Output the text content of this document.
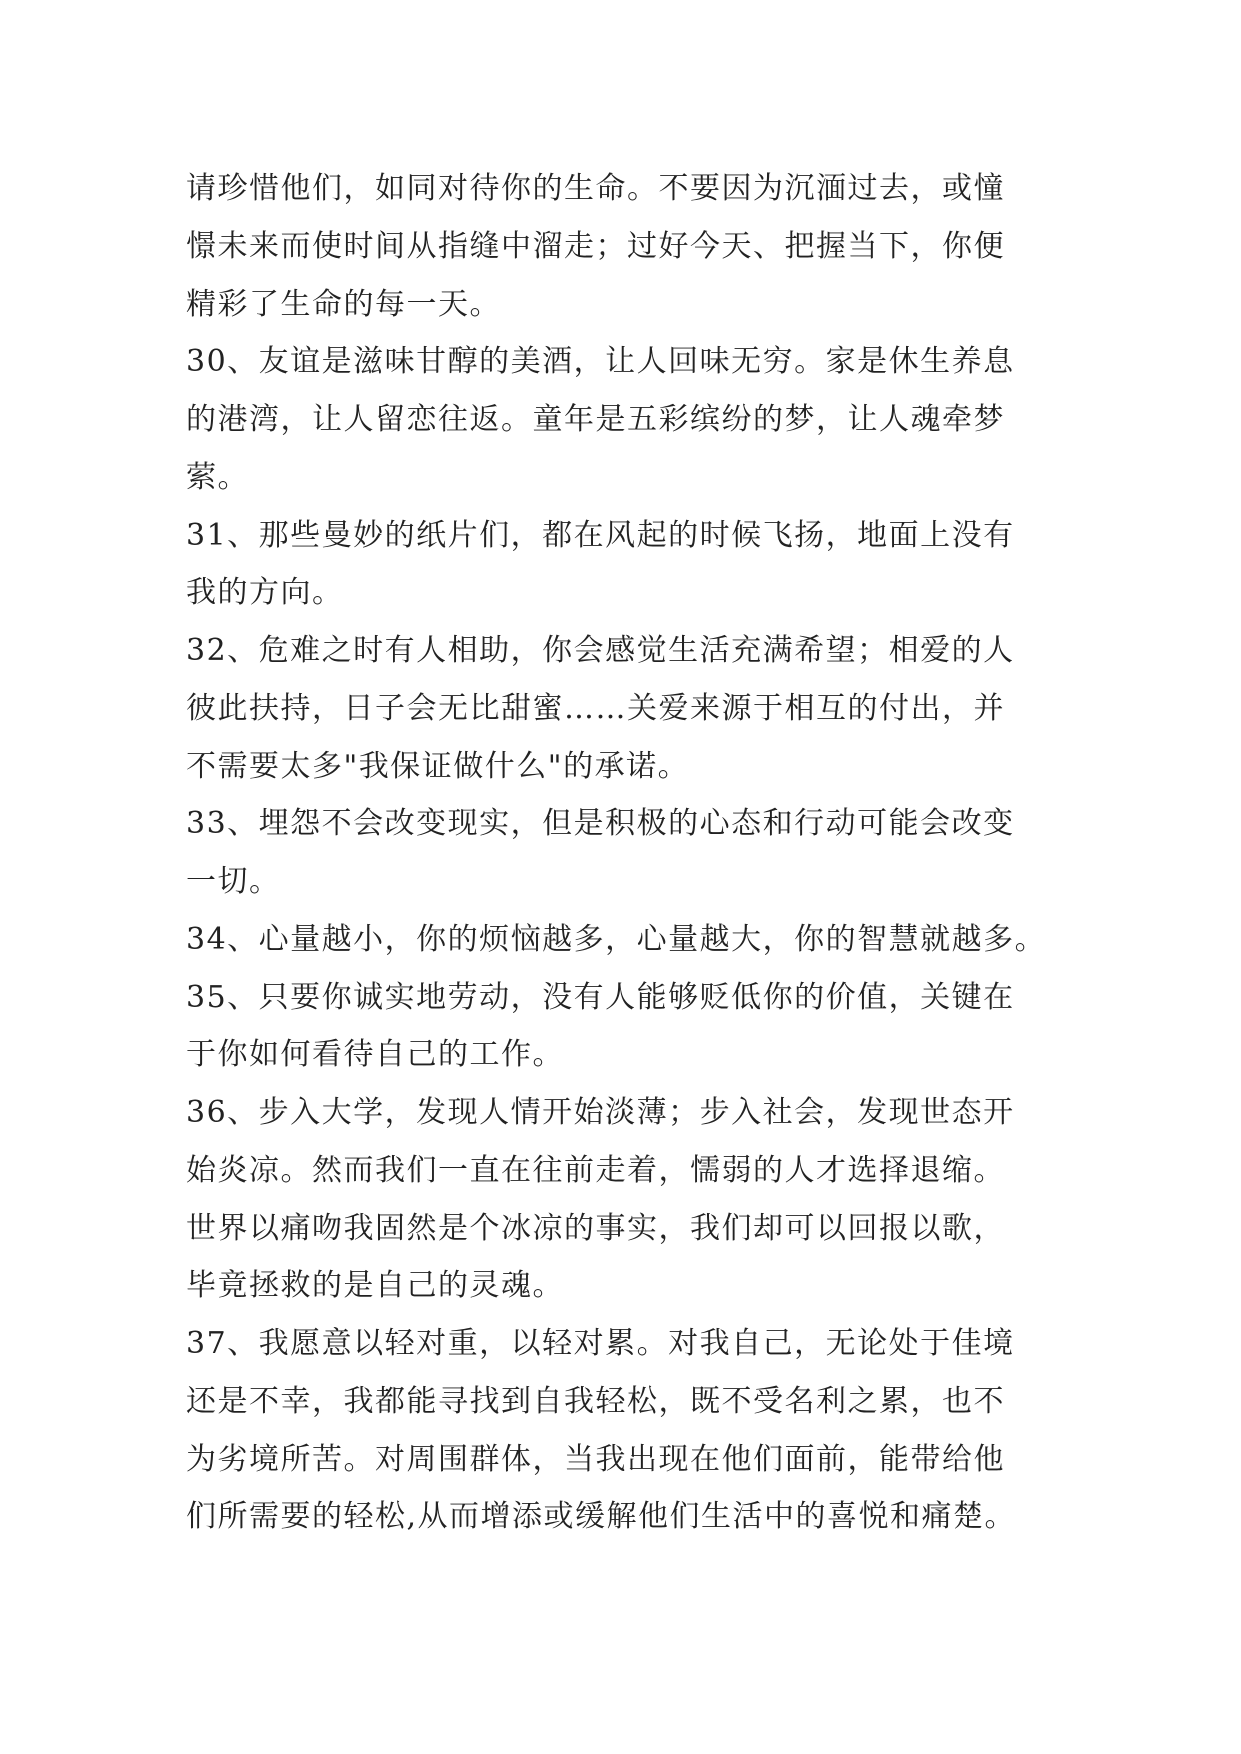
请珍惜他们，如同对待你的生命。不要因为沉湎过去，或憧
憬未来而使时间从指缝中溜走；过好今天、把握当下，你便
精彩了生命的每一天。
30、友谊是滋味甘醇的美酒，让人回味无穷。家是休生养息
的港湾，让人留恋往返。童年是五彩缤纷的梦，让人魂牵梦
萦。
31、那些曼妙的纸片们，都在风起的时候飞扬，地面上没有
我的方向。
32、危难之时有人相助，你会感觉生活充满希望；相爱的人
彼此扶持，日子会无比甜蜜……关爱来源于相互的付出，并
不需要太多"我保证做什么"的承诺。
33、埋怨不会改变现实，但是积极的心态和行动可能会改变
一切。
34、心量越小，你的烦恼越多，心量越大，你的智慧就越多。
35、只要你诚实地劳动，没有人能够贬低你的价值，关键在
于你如何看待自己的工作。
36、步入大学，发现人情开始淡薄；步入社会，发现世态开
始炎凉。然而我们一直在往前走着，懦弱的人才选择退缩。
世界以痛吻我固然是个冰凉的事实，我们却可以回报以歌，
毕竟拯救的是自己的灵魂。
37、我愿意以轻对重，以轻对累。对我自己，无论处于佳境
还是不幸，我都能寻找到自我轻松，既不受名利之累，也不
为劣境所苦。对周围群体，当我出现在他们面前，能带给他
们所需要的轻松,从而增添或缓解他们生活中的喜悦和痛楚。
